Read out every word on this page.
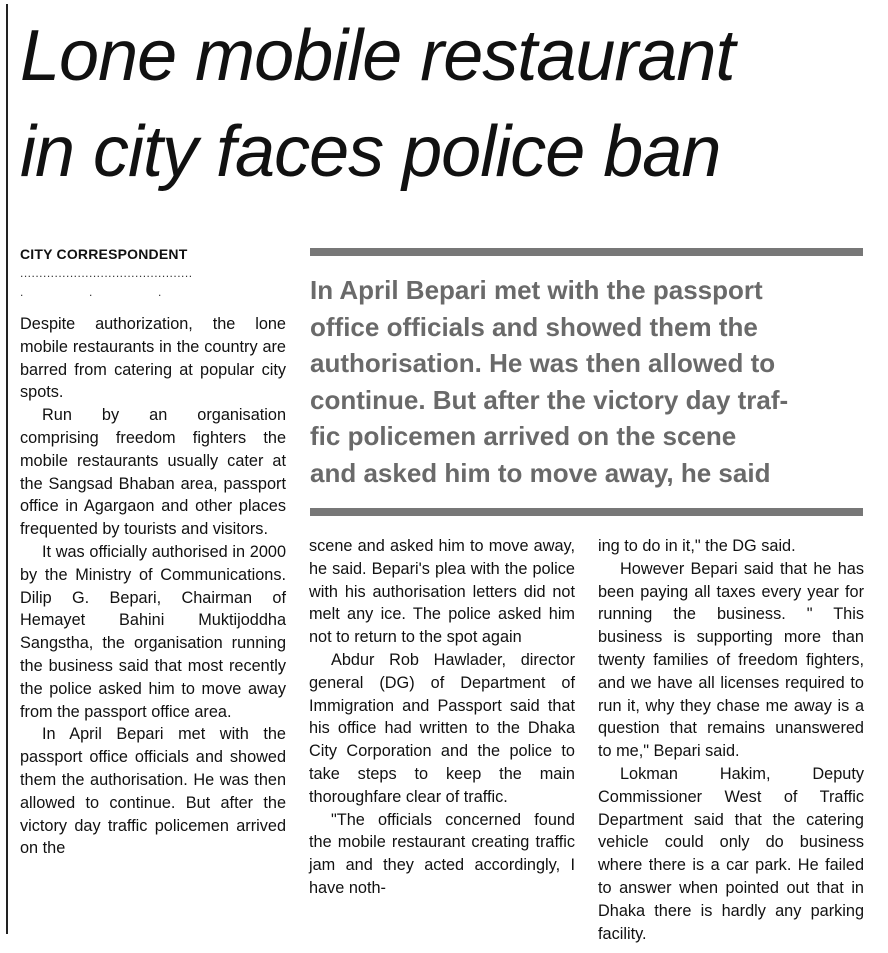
Lone mobile restaurant
in city faces police ban
CITY CORRESPONDENT
.............................................
.                 .                 .	In April Bepari met with the passport
office officials and showed them the
authorisation. He was then allowed to
continue. But after the victory day traf-
fic policemen arrived on the scene
and asked him to move away, he said

Despite authorization, the lone mobile restaurants in the country are barred from catering at popular city spots.

Run by an organisation comprising freedom fighters the mobile restaurants usually cater at the Sangsad Bhaban area, passport office in Agargaon and other places frequented by tourists and visitors.

It was officially authorised in 2000 by the Ministry of Communications. Dilip G. Bepari, Chairman of Hemayet Bahini Muktijoddha Sangstha, the organisation running the business said that most recently the police asked him to move away from the passport office area.

In April Bepari met with the passport office officials and showed them the authorisation. He was then allowed to continue. But after the victory day traffic policemen arrived on the

scene and asked him to move away, he said. Bepari's plea with the police with his authorisation letters did not melt any ice. The police asked him not to return to the spot again

Abdur Rob Hawlader, director general (DG) of Department of Immigration and Passport said that his office had written to the Dhaka City Corporation and the police to take steps to keep the main thoroughfare clear of traffic.

"The officials concerned found the mobile restaurant creating traffic jam and they acted accordingly, I have noth-

ing to do in it," the DG said.

However Bepari said that he has been paying all taxes every year for running the business. " This business is supporting more than twenty families of freedom fighters, and we have all licenses required to run it, why they chase me away is a question that remains unanswered to me," Bepari said.

Lokman Hakim, Deputy Commissioner West of Traffic Department said that the catering vehicle could only do business where there is a car park. He failed to answer when pointed out that in Dhaka there is hardly any parking facility.
